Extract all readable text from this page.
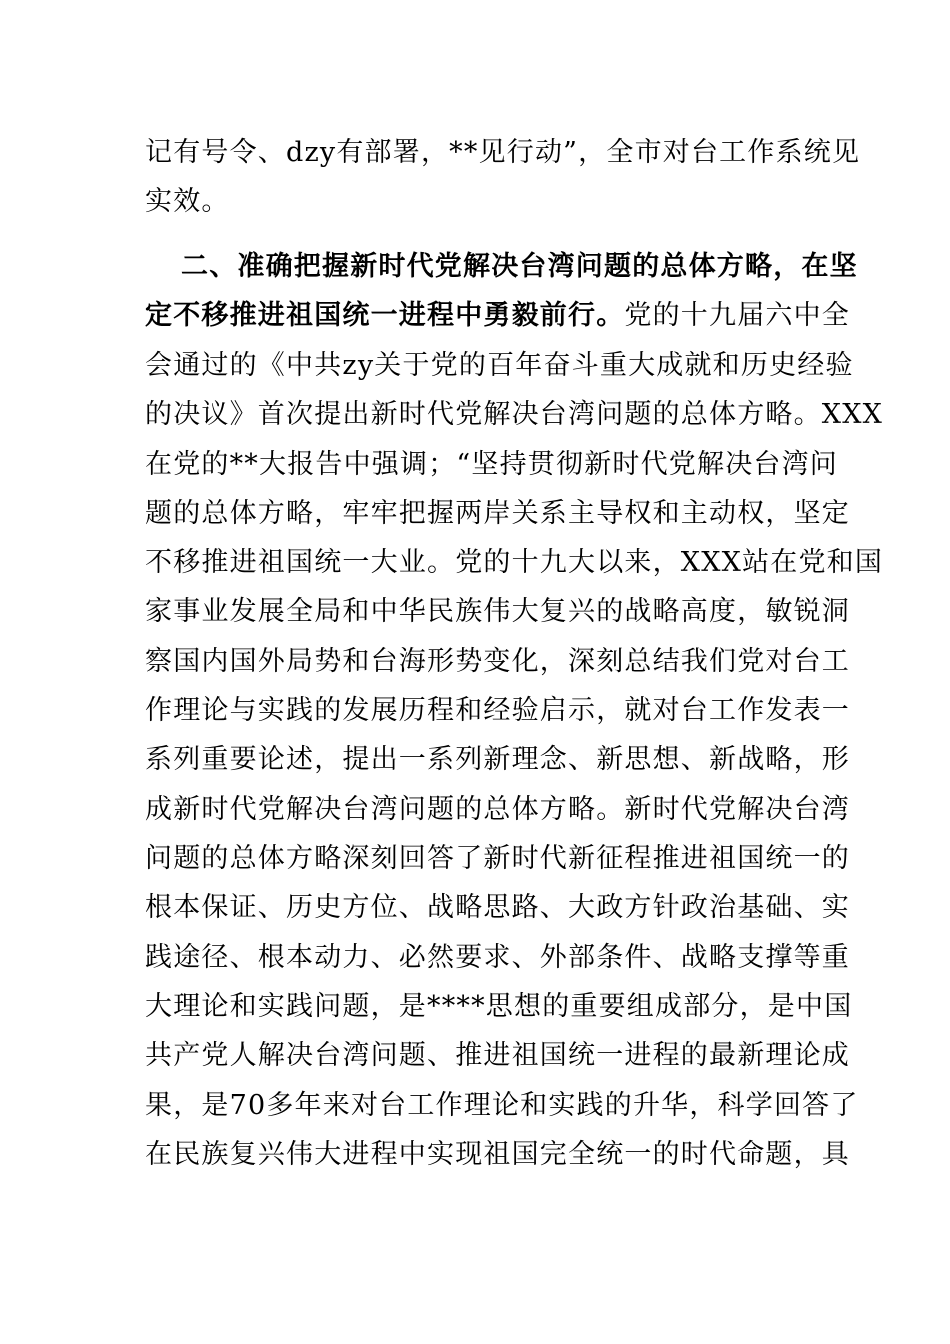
记有号令、dzy有部署，**见行动”，全市对台工作系统见
实效。
二、准确把握新时代党解决台湾问题的总体方略，在坚
定不移推进祖国统一进程中勇毅前行。党的十九届六中全
会通过的《中共zy关于党的百年奋斗重大成就和历史经验
的决议》首次提出新时代党解决台湾问题的总体方略。XXX
在党的**大报告中强调；“坚持贯彻新时代党解决台湾问
题的总体方略，牢牢把握两岸关系主导权和主动权，坚定
不移推进祖国统一大业。党的十九大以来，XXX站在党和国
家事业发展全局和中华民族伟大复兴的战略高度，敏锐洞
察国内国外局势和台海形势变化，深刻总结我们党对台工
作理论与实践的发展历程和经验启示，就对台工作发表一
系列重要论述，提出一系列新理念、新思想、新战略，形
成新时代党解决台湾问题的总体方略。新时代党解决台湾
问题的总体方略深刻回答了新时代新征程推进祖国统一的
根本保证、历史方位、战略思路、大政方针政治基础、实
践途径、根本动力、必然要求、外部条件、战略支撑等重
大理论和实践问题，是****思想的重要组成部分，是中国
共产党人解决台湾问题、推进祖国统一进程的最新理论成
果，是70多年来对台工作理论和实践的升华，科学回答了
在民族复兴伟大进程中实现祖国完全统一的时代命题，具
